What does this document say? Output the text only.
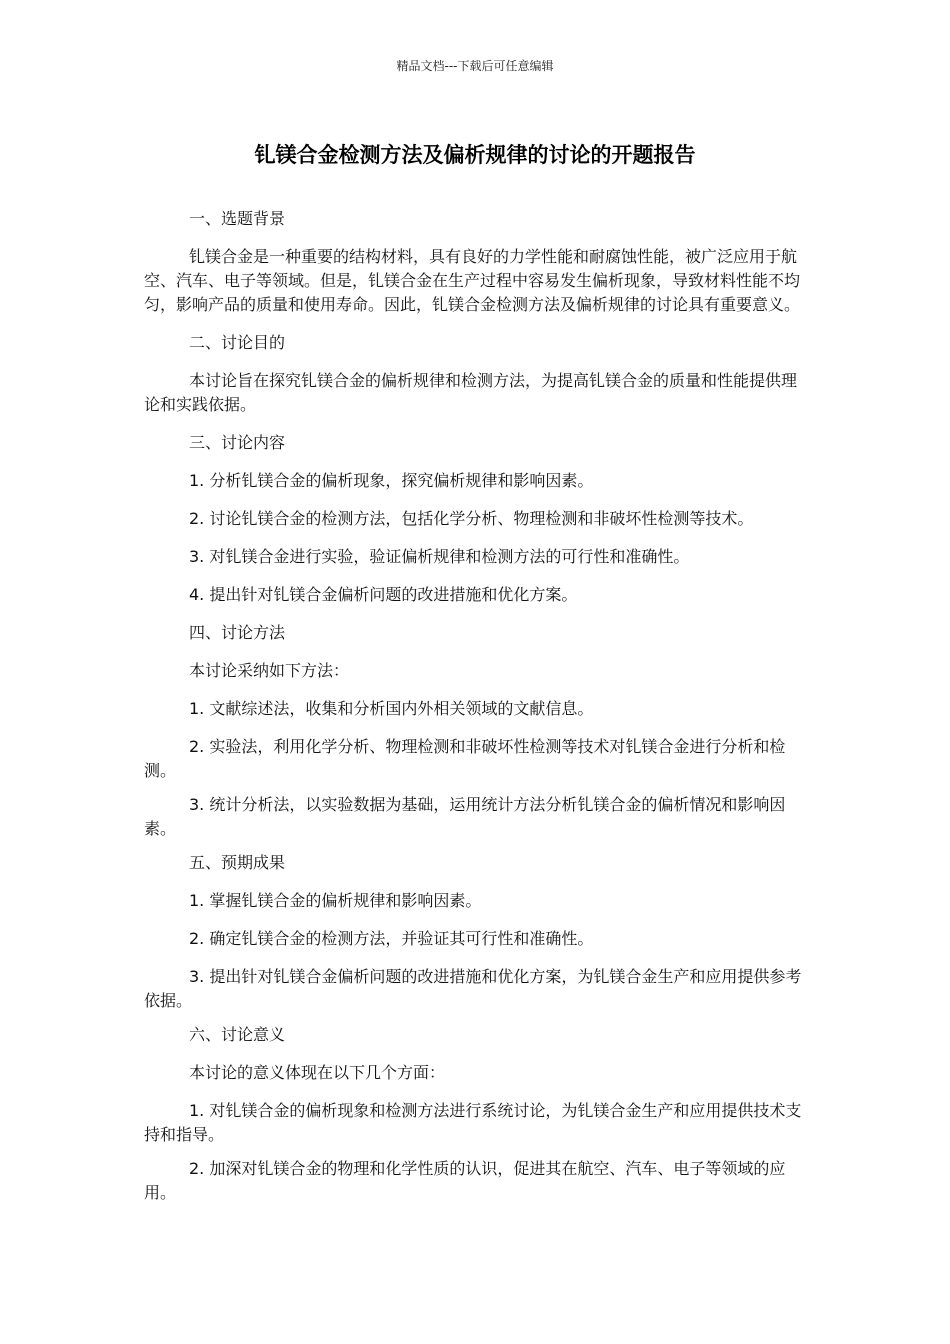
精品文档---下载后可任意编辑
钆镁合金检测方法及偏析规律的讨论的开题报告

一、选题背景

钆镁合金是一种重要的结构材料，具有良好的力学性能和耐腐蚀性能，被广泛应用于航空、汽车、电子等领域。但是，钆镁合金在生产过程中容易发生偏析现象，导致材料性能不均匀，影响产品的质量和使用寿命。因此，钆镁合金检测方法及偏析规律的讨论具有重要意义。

二、讨论目的

本讨论旨在探究钆镁合金的偏析规律和检测方法，为提高钆镁合金的质量和性能提供理论和实践依据。

三、讨论内容

1. 分析钆镁合金的偏析现象，探究偏析规律和影响因素。

2. 讨论钆镁合金的检测方法，包括化学分析、物理检测和非破坏性检测等技术。

3. 对钆镁合金进行实验，验证偏析规律和检测方法的可行性和准确性。

4. 提出针对钆镁合金偏析问题的改进措施和优化方案。

四、讨论方法

本讨论采纳如下方法：

1. 文献综述法，收集和分析国内外相关领域的文献信息。

2. 实验法，利用化学分析、物理检测和非破坏性检测等技术对钆镁合金进行分析和检测。

3. 统计分析法，以实验数据为基础，运用统计方法分析钆镁合金的偏析情况和影响因素。

五、预期成果

1. 掌握钆镁合金的偏析规律和影响因素。

2. 确定钆镁合金的检测方法，并验证其可行性和准确性。

3. 提出针对钆镁合金偏析问题的改进措施和优化方案，为钆镁合金生产和应用提供参考依据。

六、讨论意义

本讨论的意义体现在以下几个方面：

1. 对钆镁合金的偏析现象和检测方法进行系统讨论，为钆镁合金生产和应用提供技术支持和指导。

2. 加深对钆镁合金的物理和化学性质的认识，促进其在航空、汽车、电子等领域的应用。
